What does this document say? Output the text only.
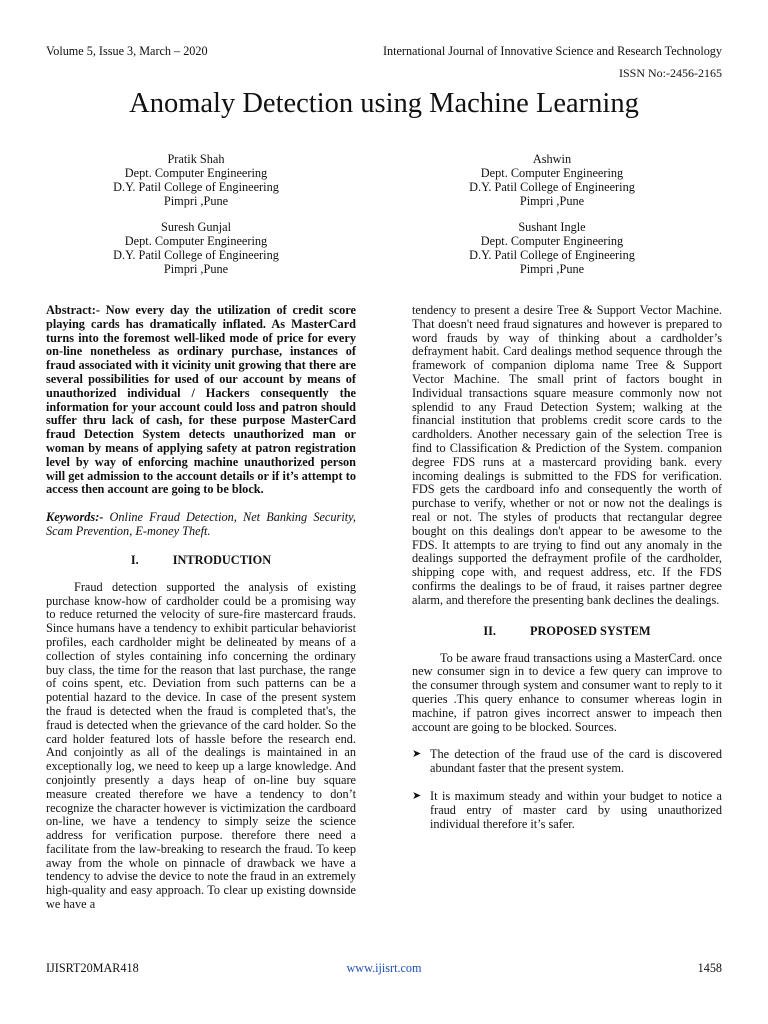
Volume 5, Issue 3, March – 2020	International Journal of Innovative Science and Research Technology
ISSN No:-2456-2165
Anomaly Detection using Machine Learning
Pratik Shah
Dept. Computer Engineering
D.Y. Patil College of Engineering
Pimpri ,Pune
Ashwin
Dept. Computer Engineering
D.Y. Patil College of Engineering
Pimpri ,Pune
Suresh Gunjal
Dept. Computer Engineering
D.Y. Patil College of Engineering
Pimpri ,Pune
Sushant Ingle
Dept. Computer Engineering
D.Y. Patil College of Engineering
Pimpri ,Pune

Abstract:- Now every day the utilization of credit score playing cards has dramatically inflated. As MasterCard turns into the foremost well-liked mode of price for every on-line nonetheless as ordinary purchase, instances of fraud associated with it vicinity unit growing that there are several possibilities for used of our account by means of unauthorized individual / Hackers consequently the information for your account could loss and patron should suffer thru lack of cash, for these purpose MasterCard fraud Detection System detects unauthorized man or woman by means of applying safety at patron registration level by way of enforcing machine unauthorized person will get admission to the account details or if it’s attempt to access then account are going to be block.

Keywords:- Online Fraud Detection, Net Banking Security, Scam Prevention, E-money Theft.

I.	INTRODUCTION

Fraud detection supported the analysis of existing purchase know-how of cardholder could be a promising way to reduce returned the velocity of sure-fire mastercard frauds. Since humans have a tendency to exhibit particular behaviorist profiles, each cardholder might be delineated by means of a collection of styles containing info concerning the ordinary buy class, the time for the reason that last purchase, the range of coins spent, etc. Deviation from such patterns can be a potential hazard to the device. In case of the present system the fraud is detected when the fraud is completed that's, the fraud is detected when the grievance of the card holder. So the card holder featured lots of hassle before the research end. And conjointly as all of the dealings is maintained in an exceptionally log, we need to keep up a large knowledge. And conjointly presently a days heap of on-line buy square measure created therefore we have a tendency to don’t recognize the character however is victimization the cardboard on-line, we have a tendency to simply seize the science address for verification purpose. therefore there need a facilitate from the law-breaking to research the fraud. To keep away from the whole on pinnacle of drawback we have a tendency to advise the device to note the fraud in an extremely high-quality and easy approach. To clear up existing downside we have a

tendency to present a desire Tree & Support Vector Machine. That doesn't need fraud signatures and however is prepared to word frauds by way of thinking about a cardholder’s defrayment habit. Card dealings method sequence through the framework of companion diploma name Tree & Support Vector Machine. The small print of factors bought in Individual transactions square measure commonly now not splendid to any Fraud Detection System; walking at the financial institution that problems credit score cards to the cardholders. Another necessary gain of the selection Tree is find to Classification & Prediction of the System. companion degree FDS runs at a mastercard providing bank. every incoming dealings is submitted to the FDS for verification. FDS gets the cardboard info and consequently the worth of purchase to verify, whether or not or now not the dealings is real or not. The styles of products that rectangular degree bought on this dealings don't appear to be awesome to the FDS. It attempts to are trying to find out any anomaly in the dealings supported the defrayment profile of the cardholder, shipping cope with, and request address, etc. If the FDS confirms the dealings to be of fraud, it raises partner degree alarm, and therefore the presenting bank declines the dealings.

II.	PROPOSED SYSTEM

To be aware fraud transactions using a MasterCard. once new consumer sign in to device a few query can improve to the consumer through system and consumer want to reply to it queries .This query enhance to consumer whereas login in machine, if patron gives incorrect answer to impeach then account are going to be blocked. Sources.

➤ The detection of the fraud use of the card is discovered abundant faster that the present system.
➤ It is maximum steady and within your budget to notice a fraud entry of master card by using unauthorized individual therefore it’s safer.
IJISRT20MAR418	www.ijisrt.com	1458
